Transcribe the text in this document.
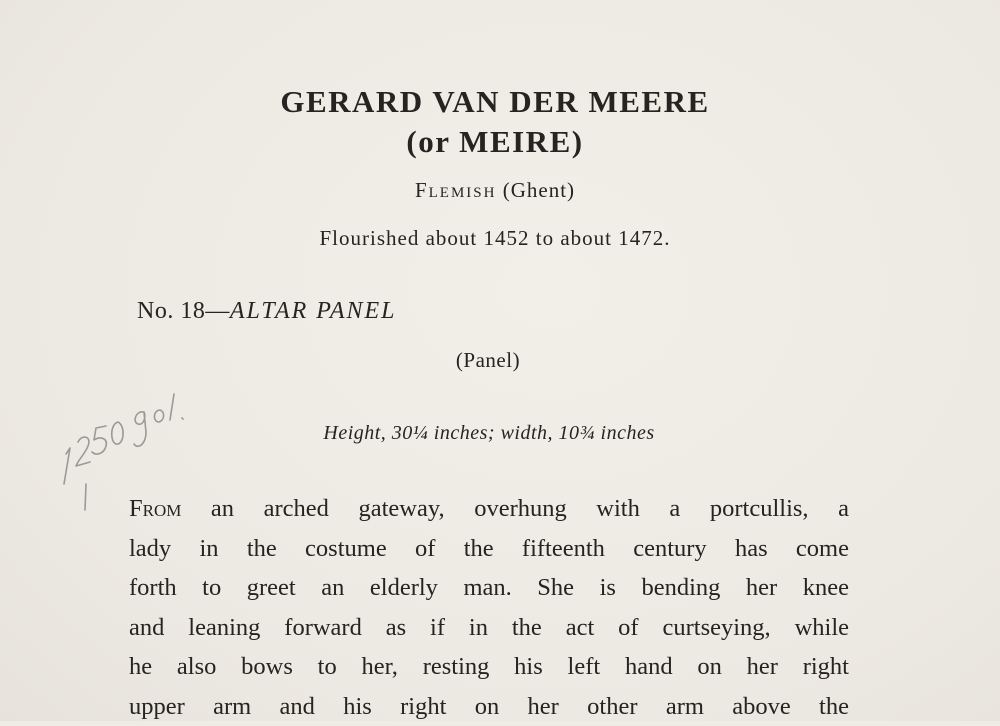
GERARD VAN DER MEERE
(or MEIRE)
Flemish (Ghent)
Flourished about 1452 to about 1472.
No. 18—ALTAR PANEL
(Panel)
Height, 30¼ inches; width, 10¾ inches
From an arched gateway, overhung with a portcullis, a
lady in the costume of the fifteenth century has come
forth to greet an elderly man. She is bending her knee
and leaning forward as if in the act of curtseying, while
he also bows to her, resting his left hand on her right
upper arm and his right on her other arm above the
